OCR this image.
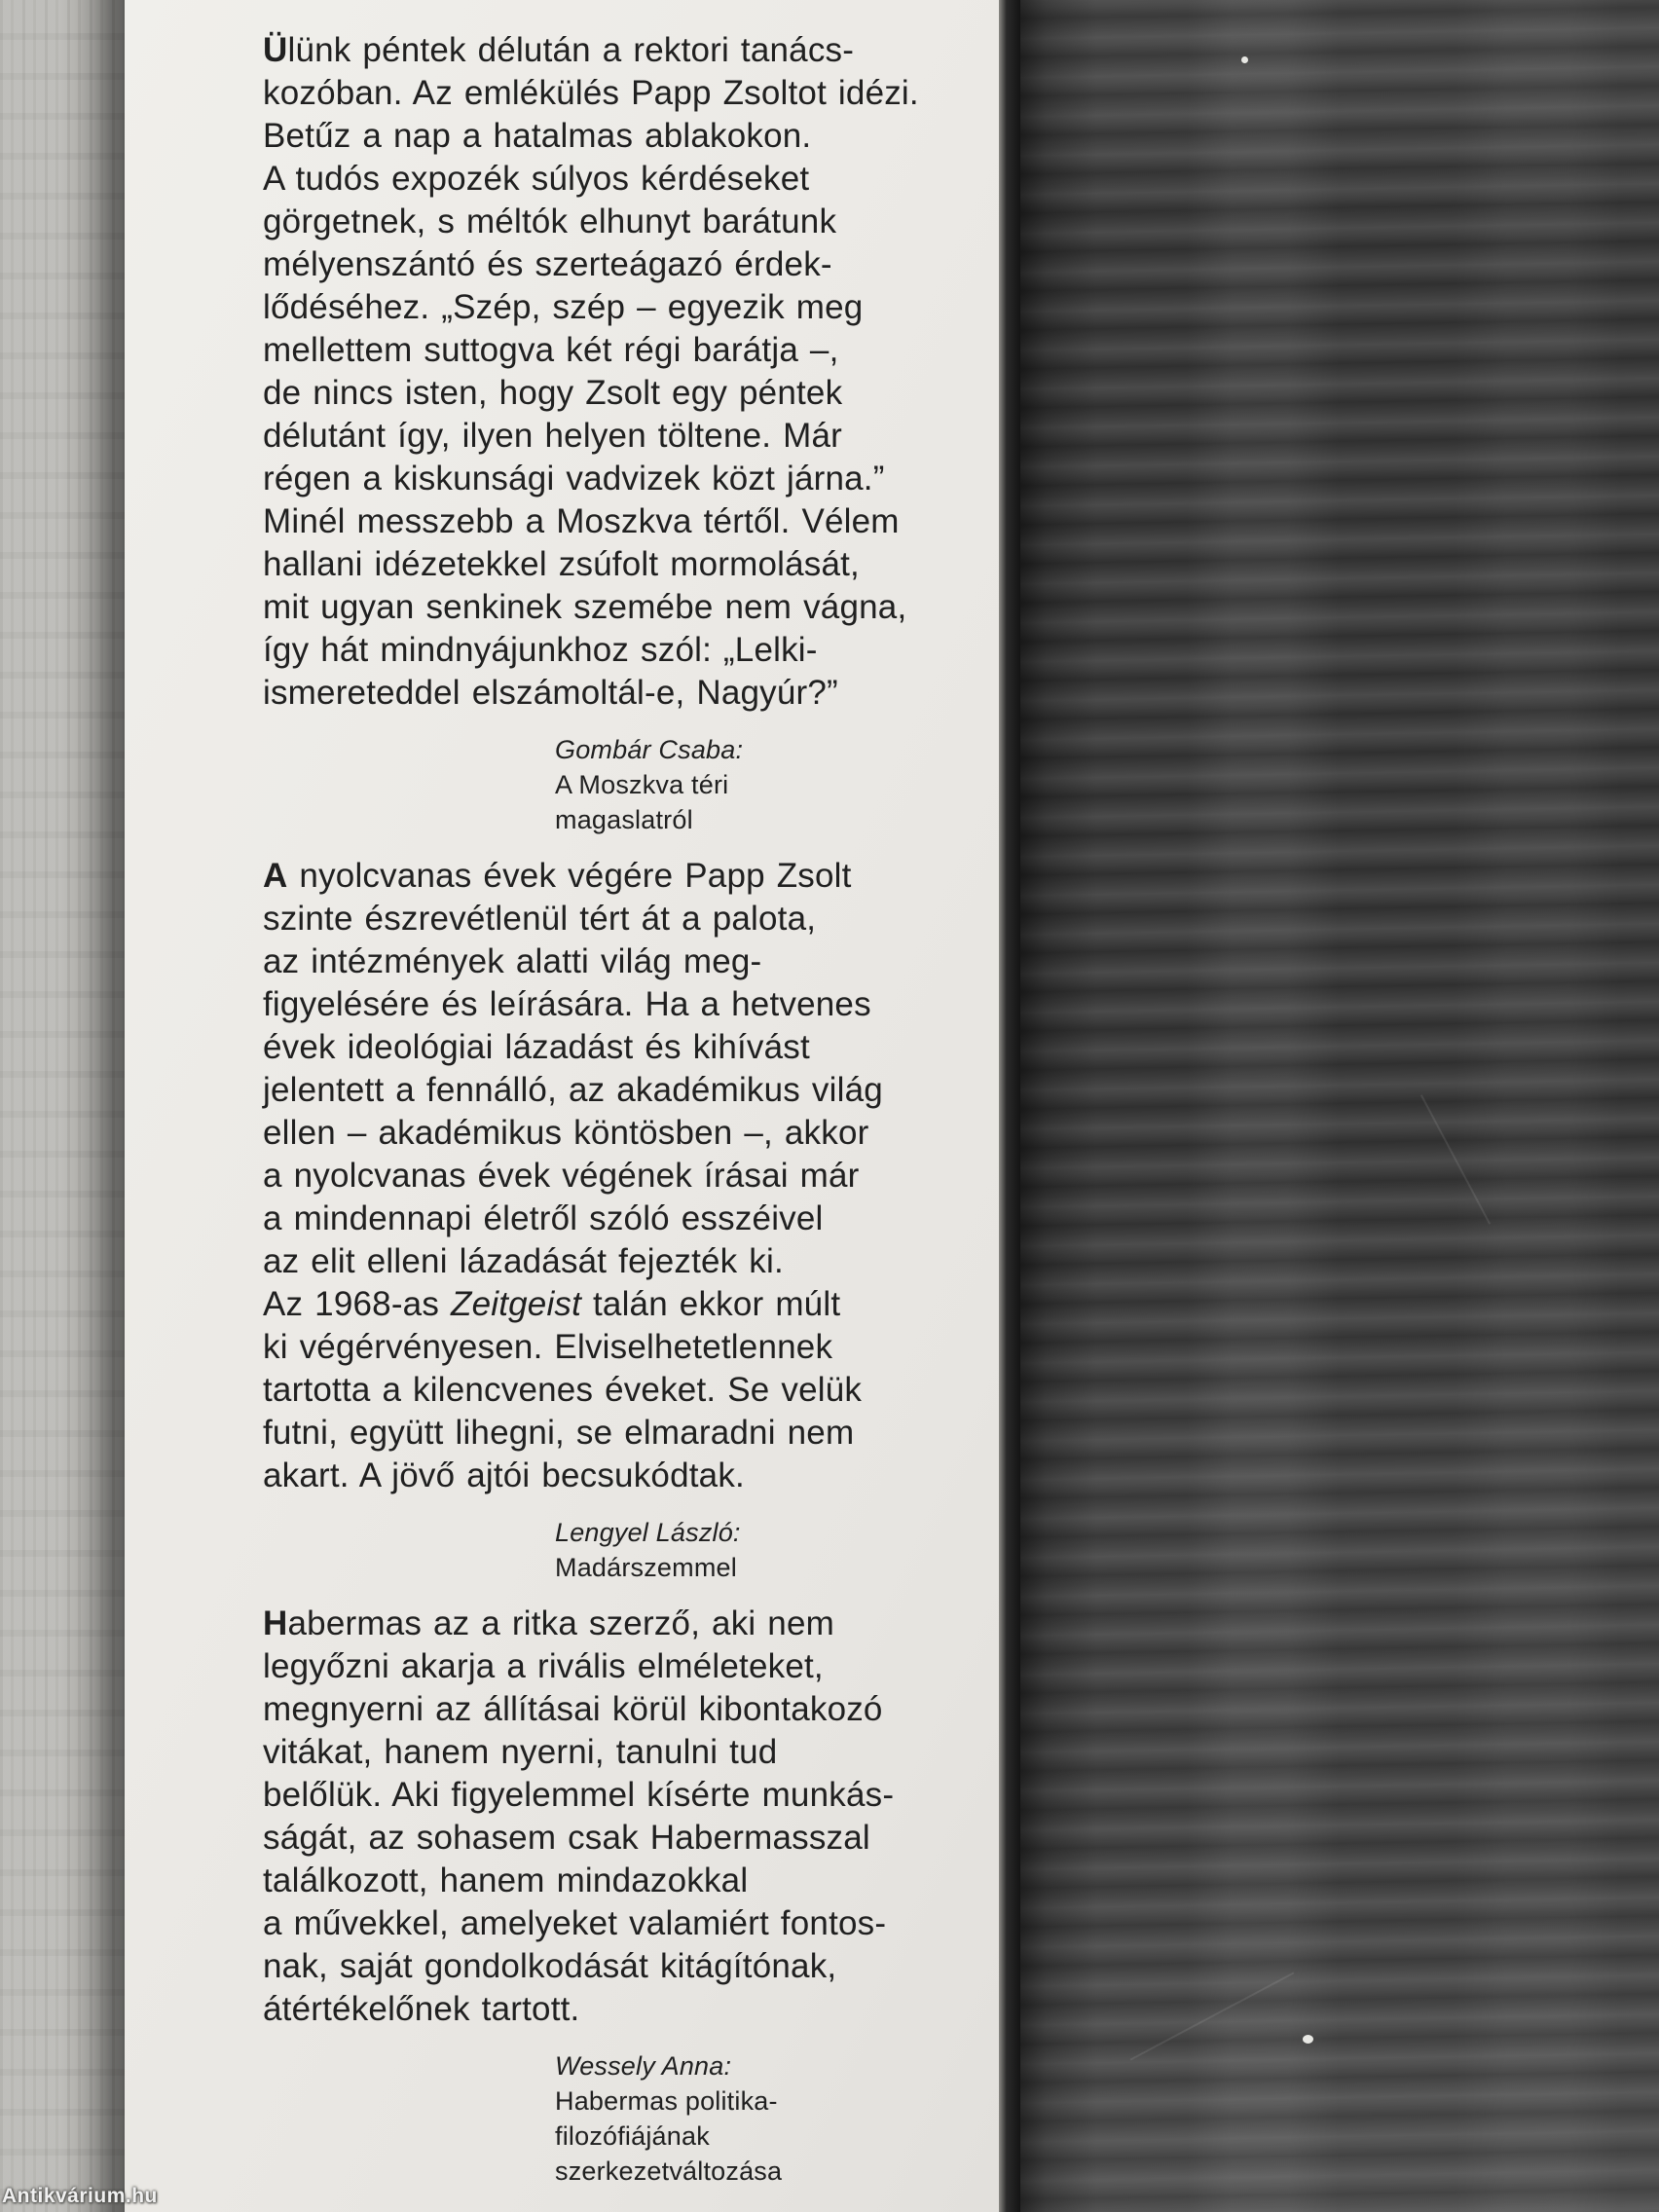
Ülünk péntek délután a rektori tanács-
kozóban. Az emlékülés Papp Zsoltot idézi.
Betűz a nap a hatalmas ablakokon.
A tudós expozék súlyos kérdéseket
görgetnek, s méltók elhunyt barátunk
mélyenszántó és szerteágazó érdek-
lődéséhez. „Szép, szép – egyezik meg
mellettem suttogva két régi barátja –,
de nincs isten, hogy Zsolt egy péntek
délutánt így, ilyen helyen töltene. Már
régen a kiskunsági vadvizek közt járna.”
Minél messzebb a Moszkva tértől. Vélem
hallani idézetekkel zsúfolt mormolását,
mit ugyan senkinek szemébe nem vágna,
így hát mindnyájunkhoz szól: „Lelki-
ismereteddel elszámoltál-e, Nagyúr?”
Gombár Csaba:
A Moszkva téri
magaslatról
A nyolcvanas évek végére Papp Zsolt
szinte észrevétlenül tért át a palota,
az intézmények alatti világ meg-
figyelésére és leírására. Ha a hetvenes
évek ideológiai lázadást és kihívást
jelentett a fennálló, az akadémikus világ
ellen – akadémikus köntösben –, akkor
a nyolcvanas évek végének írásai már
a mindennapi életről szóló esszéivel
az elit elleni lázadását fejezték ki.
Az 1968-as Zeitgeist talán ekkor múlt
ki végérvényesen. Elviselhetetlennek
tartotta a kilencvenes éveket. Se velük
futni, együtt lihegni, se elmaradni nem
akart. A jövő ajtói becsukódtak.
Lengyel László:
Madárszemmel
Habermas az a ritka szerző, aki nem
legyőzni akarja a rivális elméleteket,
megnyerni az állításai körül kibontakozó
vitákat, hanem nyerni, tanulni tud
belőlük. Aki figyelemmel kísérte munkás-
ságát, az sohasem csak Habermasszal
találkozott, hanem mindazokkal
a művekkel, amelyeket valamiért fontos-
nak, saját gondolkodását kitágítónak,
átértékelőnek tartott.
Wessely Anna:
Habermas politika-
filozófiájának
szerkezetváltozása
Antikvárium.hu
